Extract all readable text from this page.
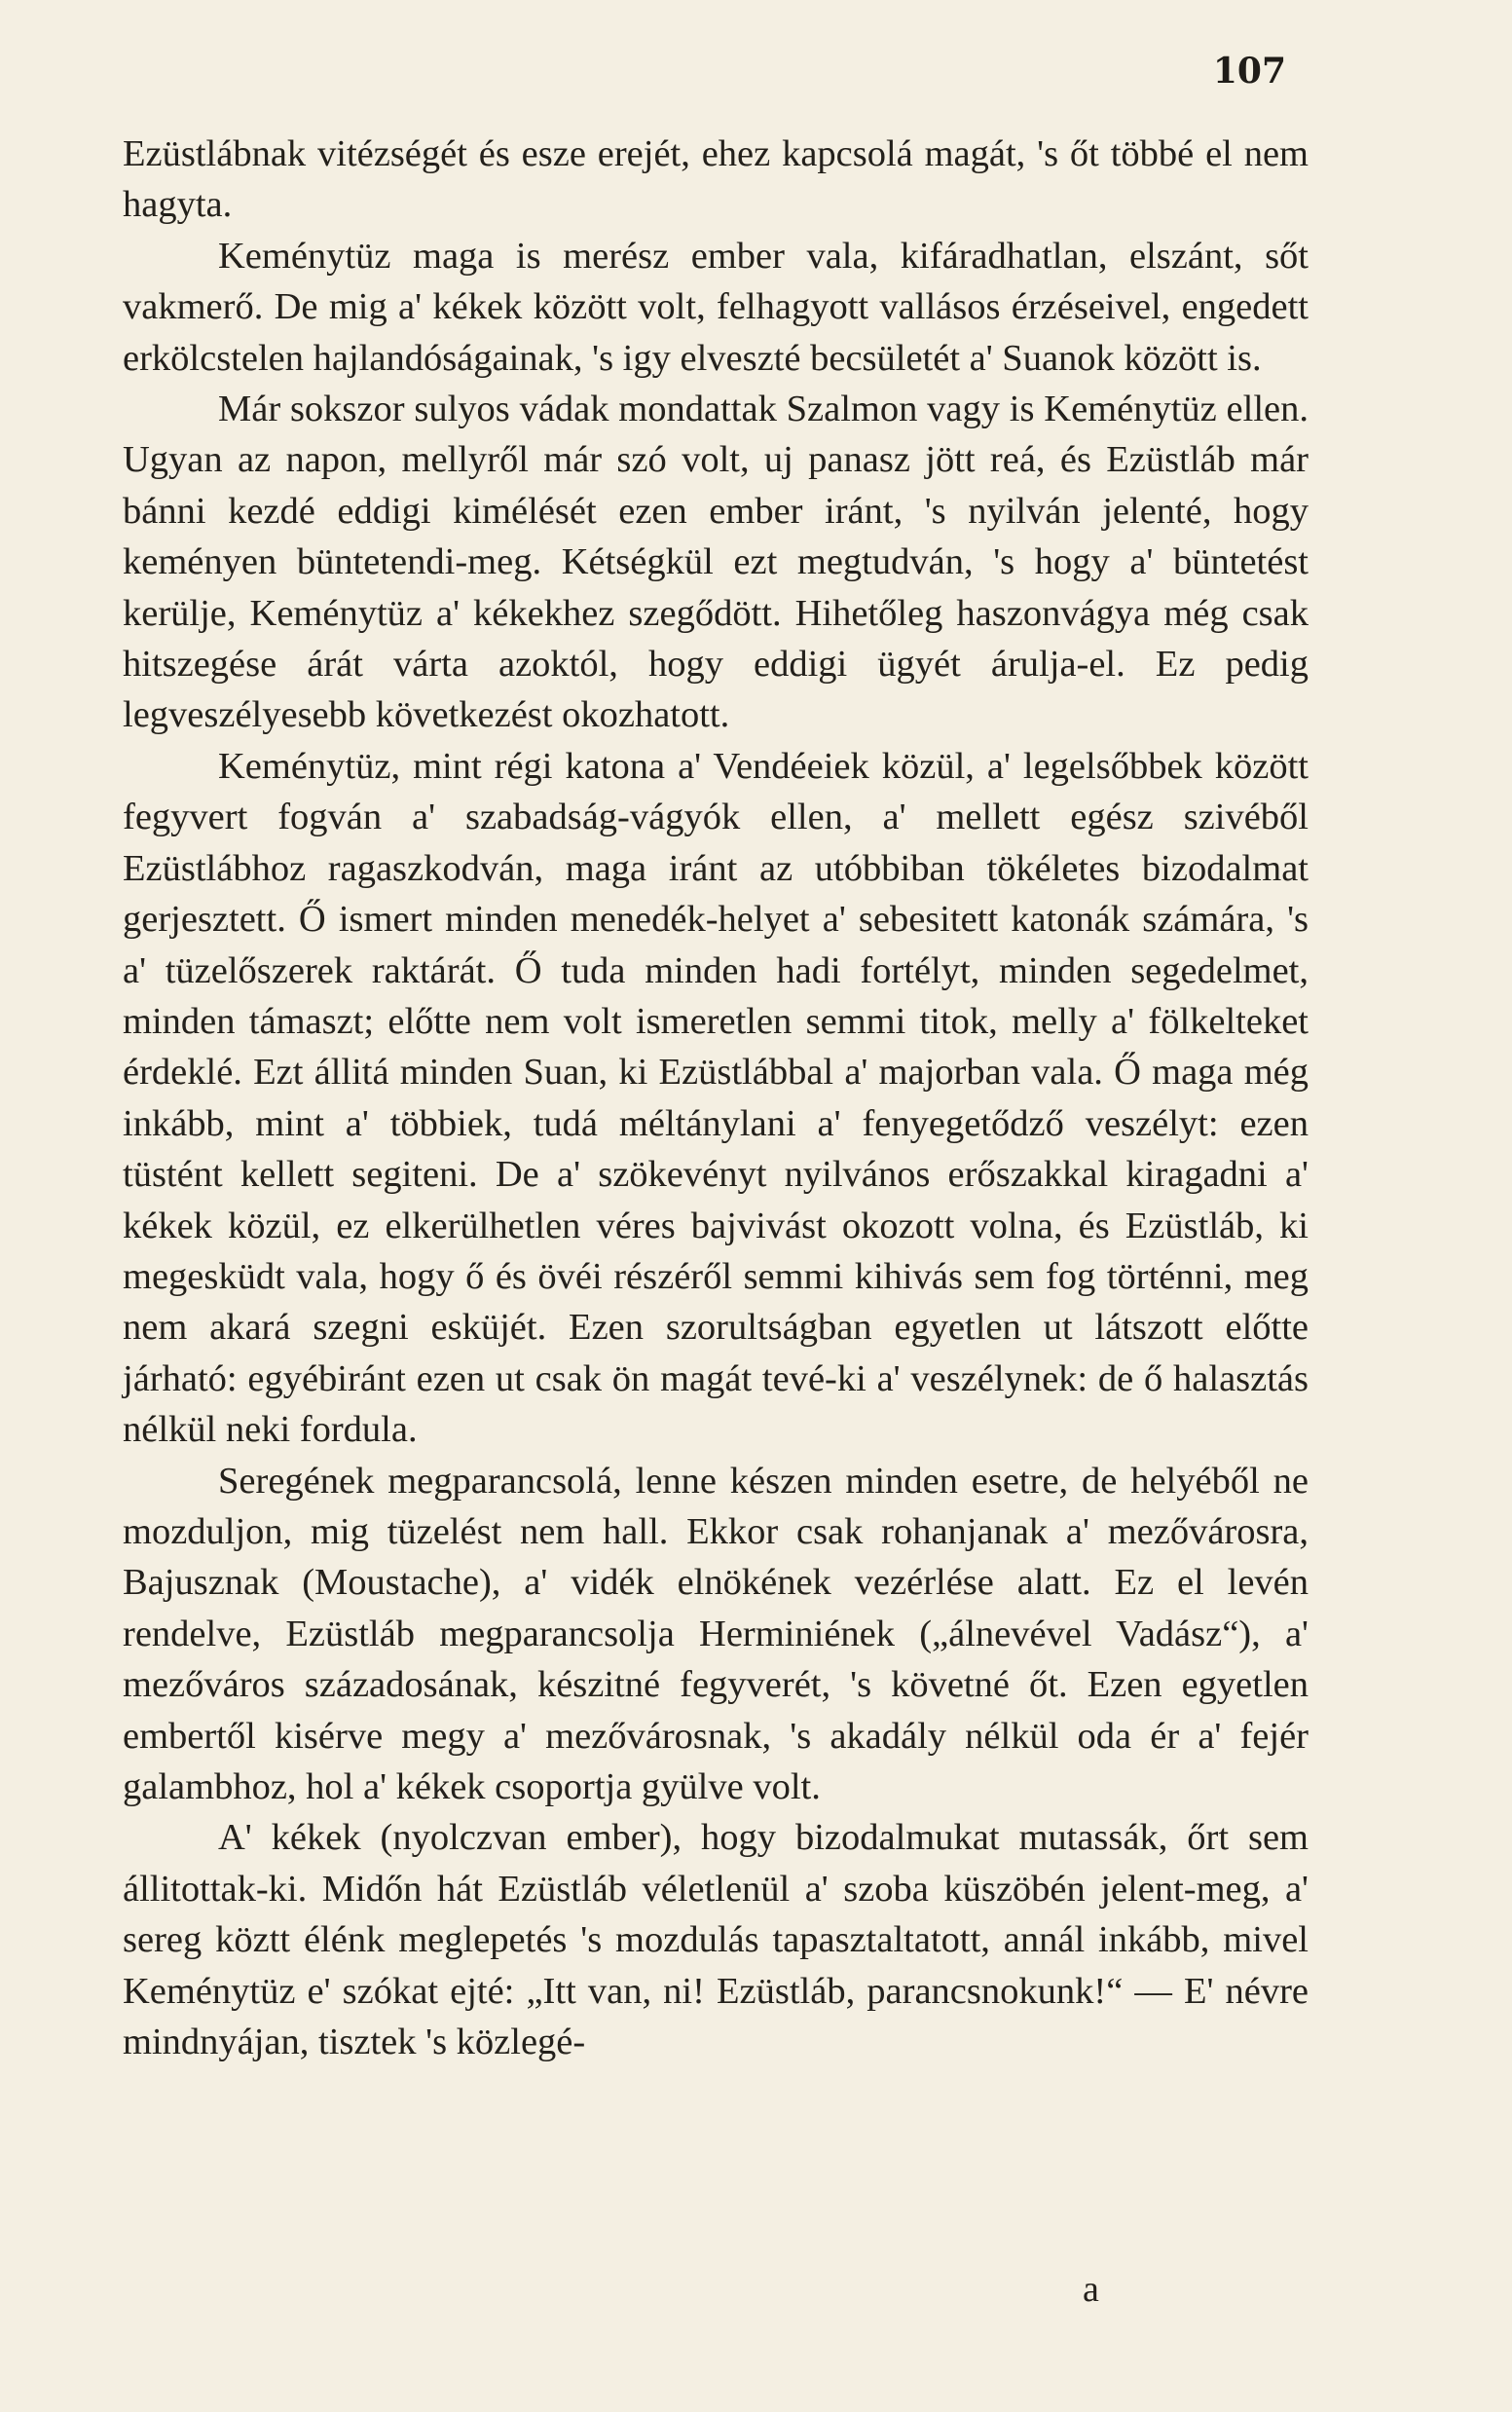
107

Ezüstlábnak vitézségét és esze erejét, ehez kapcsolá magát, 's őt többé el nem hagyta.

Keménytüz maga is merész ember vala, kifáradhatlan, elszánt, sőt vakmerő. De mig a' kékek között volt, felhagyott vallásos érzéseivel, engedett erkölcstelen hajlandóságainak, 's igy elveszté becsületét a' Suanok között is.

Már sokszor sulyos vádak mondattak Szalmon vagy is Keménytüz ellen. Ugyan az napon, mellyről már szó volt, uj panasz jött reá, és Ezüstláb már bánni kezdé eddigi kimélését ezen ember iránt, 's nyilván jelenté, hogy keményen büntetendi-meg. Kétségkül ezt megtudván, 's hogy a' büntetést kerülje, Keménytüz a' kékekhez szegődött. Hihetőleg haszonvágya még csak hitszegése árát várta azoktól, hogy eddigi ügyét árulja-el. Ez pedig legveszélyesebb következést okozhatott.

Keménytüz, mint régi katona a' Vendéeiek közül, a' legelsőbbek között fegyvert fogván a' szabadság-vágyók ellen, a' mellett egész szivéből Ezüstlábhoz ragaszkodván, maga iránt az utóbbiban tökéletes bizodalmat gerjesztett. Ő ismert minden menedék-helyet a' sebesitett katonák számára, 's a' tüzelőszerek raktárát. Ő tuda minden hadi fortélyt, minden segedelmet, minden támaszt; előtte nem volt ismeretlen semmi titok, melly a' fölkelteket érdeklé. Ezt állitá minden Suan, ki Ezüstlábbal a' majorban vala. Ő maga még inkább, mint a' többiek, tudá méltánylani a' fenyegetődző veszélyt: ezen tüstént kellett segiteni. De a' szökevényt nyilvános erőszakkal kiragadni a' kékek közül, ez elkerülhetlen véres bajvivást okozott volna, és Ezüstláb, ki megesküdt vala, hogy ő és övéi részéről semmi kihivás sem fog történni, meg nem akará szegni esküjét. Ezen szorultságban egyetlen ut látszott előtte járható: egyébiránt ezen ut csak ön magát tevé-ki a' veszélynek: de ő halasztás nélkül neki fordula.

Seregének megparancsolá, lenne készen minden esetre, de helyéből ne mozduljon, mig tüzelést nem hall. Ekkor csak rohanjanak a' mezővárosra, Bajusznak (Moustache), a' vidék elnökének vezérlése alatt. Ez el levén rendelve, Ezüstláb megparancsolja Herminiének („álnevével Vadász“), a' mezőváros századosának, készitné fegyverét, 's követné őt. Ezen egyetlen embertől kisérve megy a' mezővárosnak, 's akadály nélkül oda ér a' fejér galambhoz, hol a' kékek csoportja gyülve volt.

A' kékek (nyolczvan ember), hogy bizodalmukat mutassák, őrt sem állitottak-ki. Midőn hát Ezüstláb véletlenül a' szoba küszöbén jelent-meg, a' sereg köztt élénk meglepetés 's mozdulás tapasztaltatott, annál inkább, mivel Keménytüz e' szókat ejté: „Itt van, ni! Ezüstláb, parancsnokunk!“ — E' névre mindnyájan, tisztek 's közlegé-

a
